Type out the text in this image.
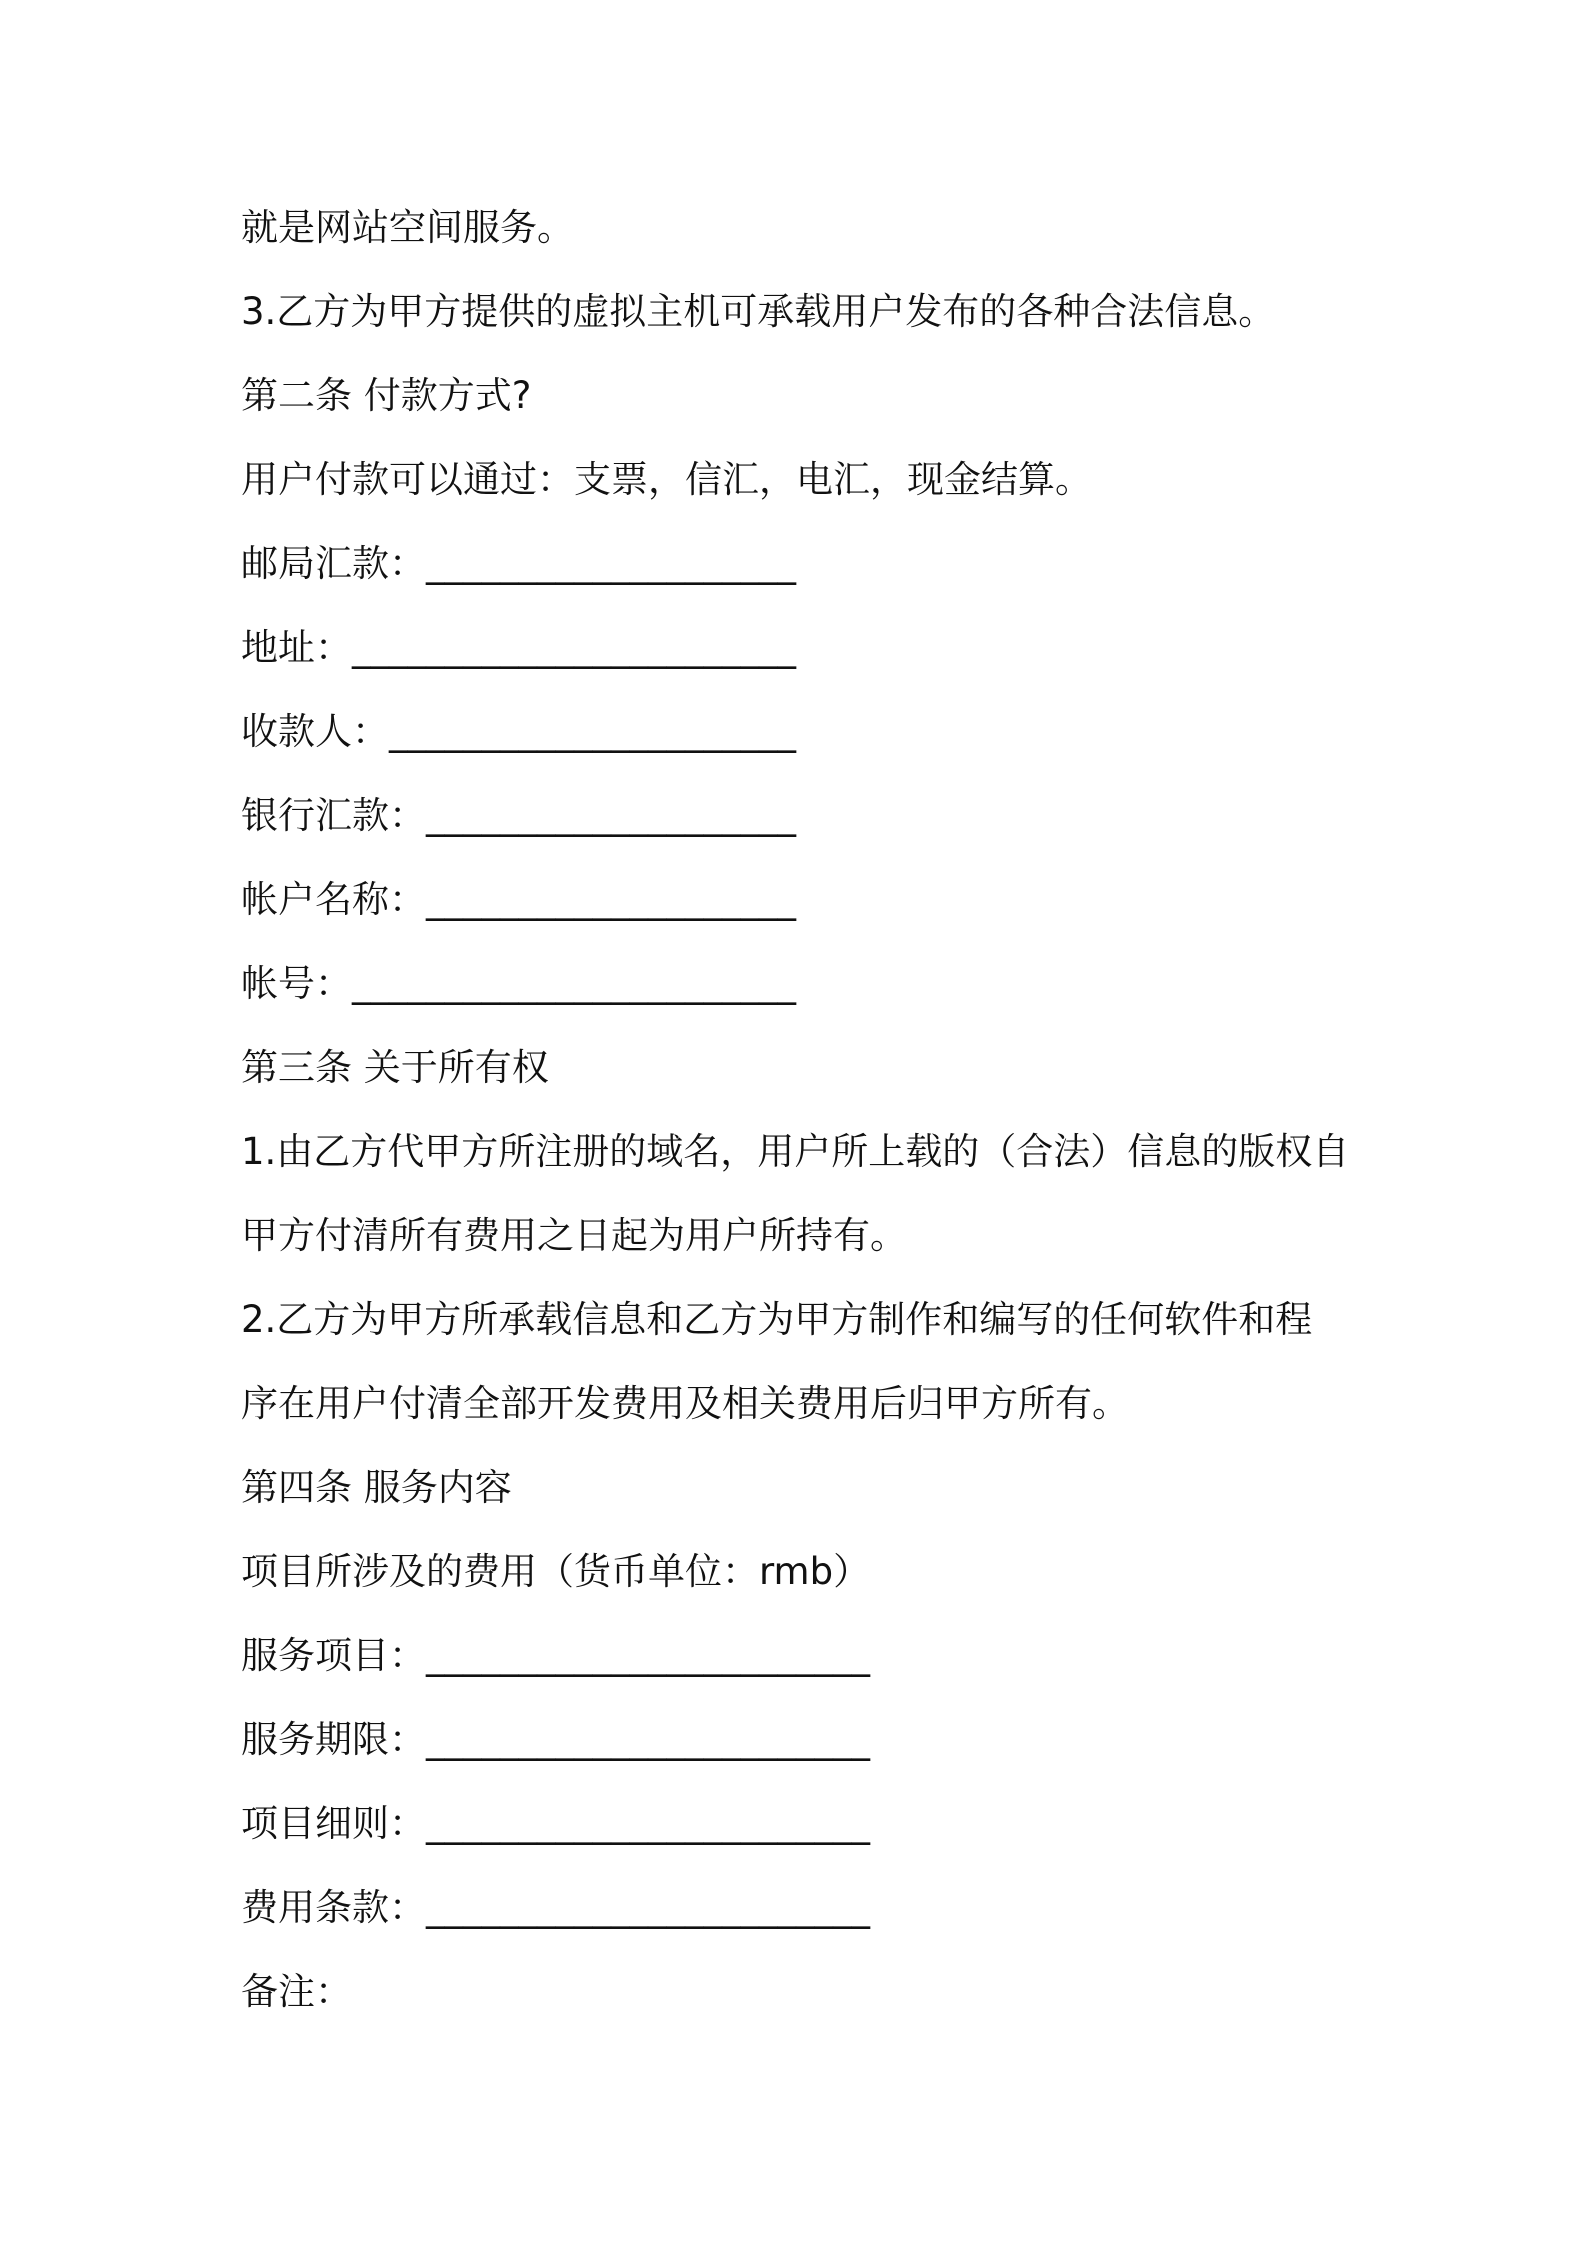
就是网站空间服务。
3.乙方为甲方提供的虚拟主机可承载用户发布的各种合法信息。
第二条 付款方式?
用户付款可以通过：支票，信汇，电汇，现金结算。
邮局汇款：____________________
地址：________________________
收款人：______________________
银行汇款：____________________
帐户名称：____________________
帐号：________________________
第三条 关于所有权
1.由乙方代甲方所注册的域名，用户所上载的（合法）信息的版权自
甲方付清所有费用之日起为用户所持有。
2.乙方为甲方所承载信息和乙方为甲方制作和编写的任何软件和程
序在用户付清全部开发费用及相关费用后归甲方所有。
第四条 服务内容
项目所涉及的费用（货币单位：rmb）
服务项目：________________________
服务期限：________________________
项目细则：________________________
费用条款：________________________
备注：
